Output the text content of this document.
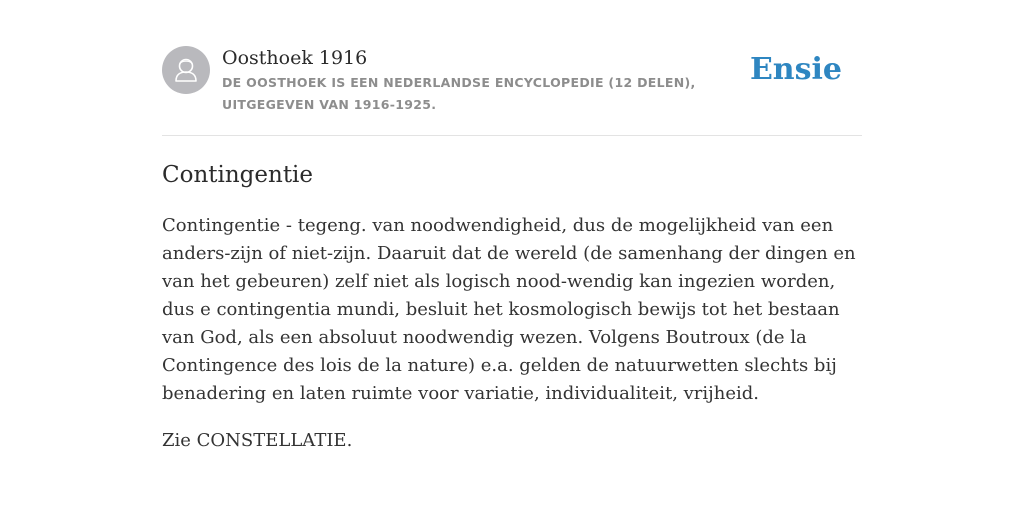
Oosthoek 1916
DE OOSTHOEK IS EEN NEDERLANDSE ENCYCLOPEDIE (12 DELEN), UITGEGEVEN VAN 1916-1925.
Ensie
Contingentie

Contingentie - tegeng. van noodwendigheid, dus de mogelijkheid van een anders-zijn of niet-zijn. Daaruit dat de wereld (de samenhang der dingen en van het gebeuren) zelf niet als logisch nood-wendig kan ingezien worden, dus e contingentia mundi, besluit het kosmologisch bewijs tot het bestaan van God, als een absoluut noodwendig wezen. Volgens Boutroux (de la Contingence des lois de la nature) e.a. gelden de natuurwetten slechts bij benadering en laten ruimte voor variatie, individualiteit, vrijheid.

Zie CONSTELLATIE.
